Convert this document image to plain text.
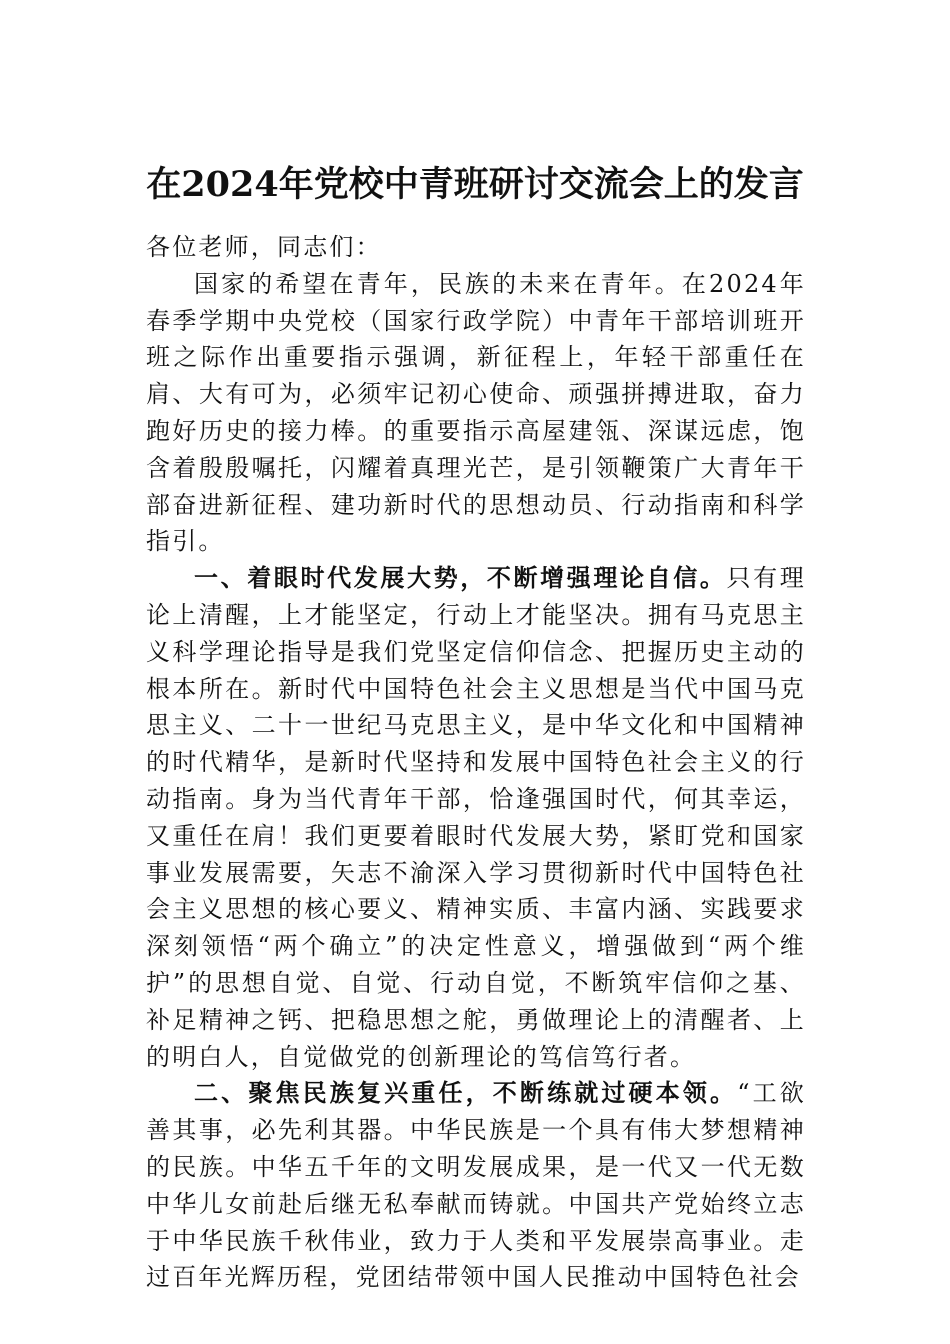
在2024年党校中青班研讨交流会上的发言

各位老师，同志们：

国家的希望在青年，民族的未来在青年。在2024年春季学期中央党校（国家行政学院）中青年干部培训班开班之际作出重要指示强调，新征程上，年轻干部重任在肩、大有可为，必须牢记初心使命、顽强拼搏进取，奋力跑好历史的接力棒。的重要指示高屋建瓴、深谋远虑，饱含着殷殷嘱托，闪耀着真理光芒，是引领鞭策广大青年干部奋进新征程、建功新时代的思想动员、行动指南和科学指引。

一、着眼时代发展大势，不断增强理论自信。只有理论上清醒，上才能坚定，行动上才能坚决。拥有马克思主义科学理论指导是我们党坚定信仰信念、把握历史主动的根本所在。新时代中国特色社会主义思想是当代中国马克思主义、二十一世纪马克思主义，是中华文化和中国精神的时代精华，是新时代坚持和发展中国特色社会主义的行动指南。身为当代青年干部，恰逢强国时代，何其幸运，又重任在肩！我们更要着眼时代发展大势，紧盯党和国家事业发展需要，矢志不渝深入学习贯彻新时代中国特色社会主义思想的核心要义、精神实质、丰富内涵、实践要求深刻领悟“两个确立”的决定性意义，增强做到“两个维护”的思想自觉、自觉、行动自觉，不断筑牢信仰之基、补足精神之钙、把稳思想之舵，勇做理论上的清醒者、上的明白人，自觉做党的创新理论的笃信笃行者。

二、聚焦民族复兴重任，不断练就过硬本领。“工欲善其事，必先利其器。中华民族是一个具有伟大梦想精神的民族。中华五千年的文明发展成果，是一代又一代无数中华儿女前赴后继无私奉献而铸就。中国共产党始终立志于中华民族千秋伟业，致力于人类和平发展崇高事业。走过百年光辉历程，党团结带领中国人民推动中国特色社会
